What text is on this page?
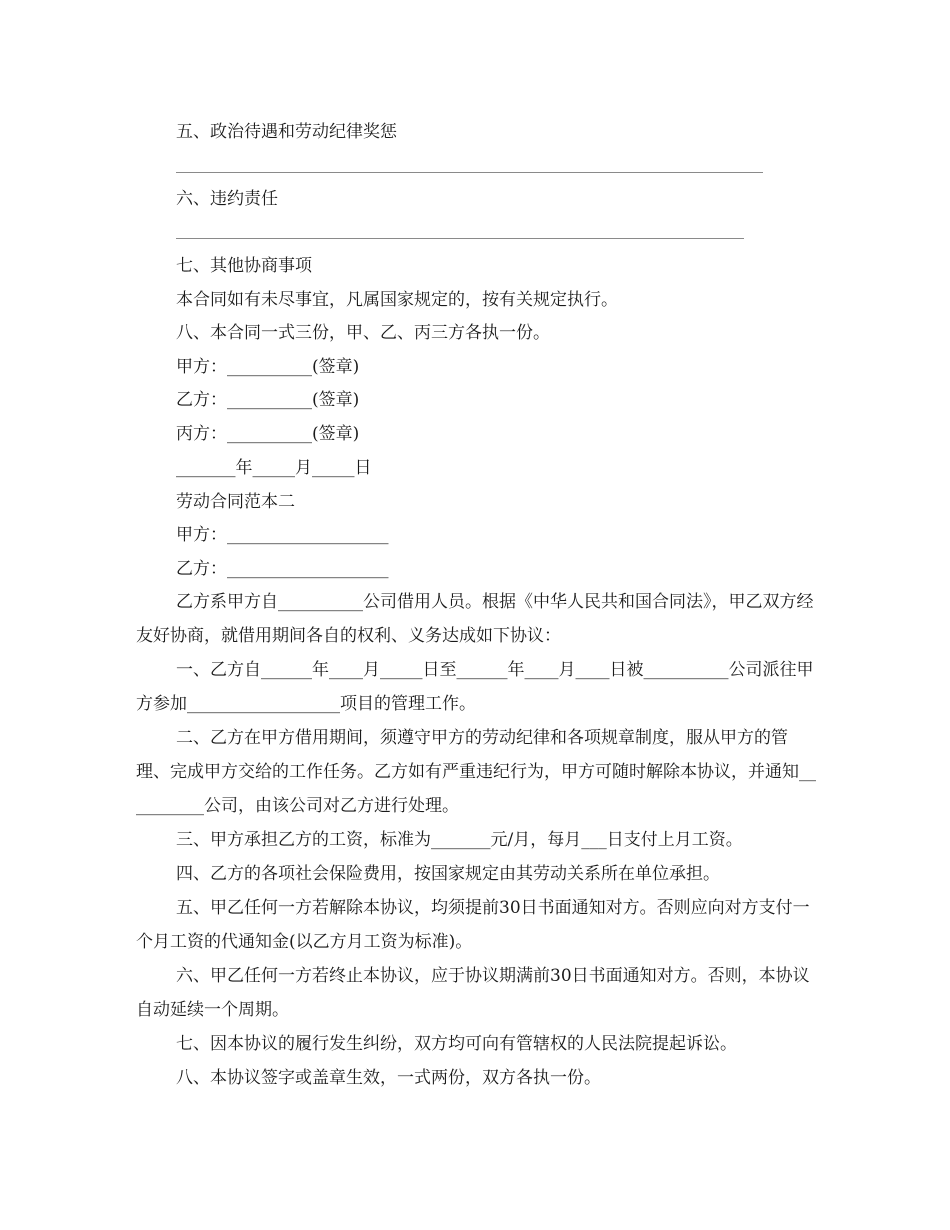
五、政治待遇和劳动纪律奖惩
六、违约责任
七、其他协商事项
本合同如有未尽事宜，凡属国家规定的，按有关规定执行。
八、本合同一式三份，甲、乙、丙三方各执一份。
甲方：__________(签章)
乙方：__________(签章)
丙方：__________(签章)
_______年_____月_____日
劳动合同范本二
甲方：___________________
乙方：___________________
乙方系甲方自__________公司借用人员。根据《中华人民共和国合同法》，甲乙双方经友好协商，就借用期间各自的权利、义务达成如下协议：
一、乙方自______年____月_____日至______年____月____日被__________公司派往甲方参加__________________项目的管理工作。
二、乙方在甲方借用期间，须遵守甲方的劳动纪律和各项规章制度，服从甲方的管理、完成甲方交给的工作任务。乙方如有严重违纪行为，甲方可随时解除本协议，并通知__________公司，由该公司对乙方进行处理。
三、甲方承担乙方的工资，标准为_______元/月，每月___日支付上月工资。
四、乙方的各项社会保险费用，按国家规定由其劳动关系所在单位承担。
五、甲乙任何一方若解除本协议，均须提前30日书面通知对方。否则应向对方支付一个月工资的代通知金(以乙方月工资为标准)。
六、甲乙任何一方若终止本协议，应于协议期满前30日书面通知对方。否则，本协议自动延续一个周期。
七、因本协议的履行发生纠纷，双方均可向有管辖权的人民法院提起诉讼。
八、本协议签字或盖章生效，一式两份，双方各执一份。
